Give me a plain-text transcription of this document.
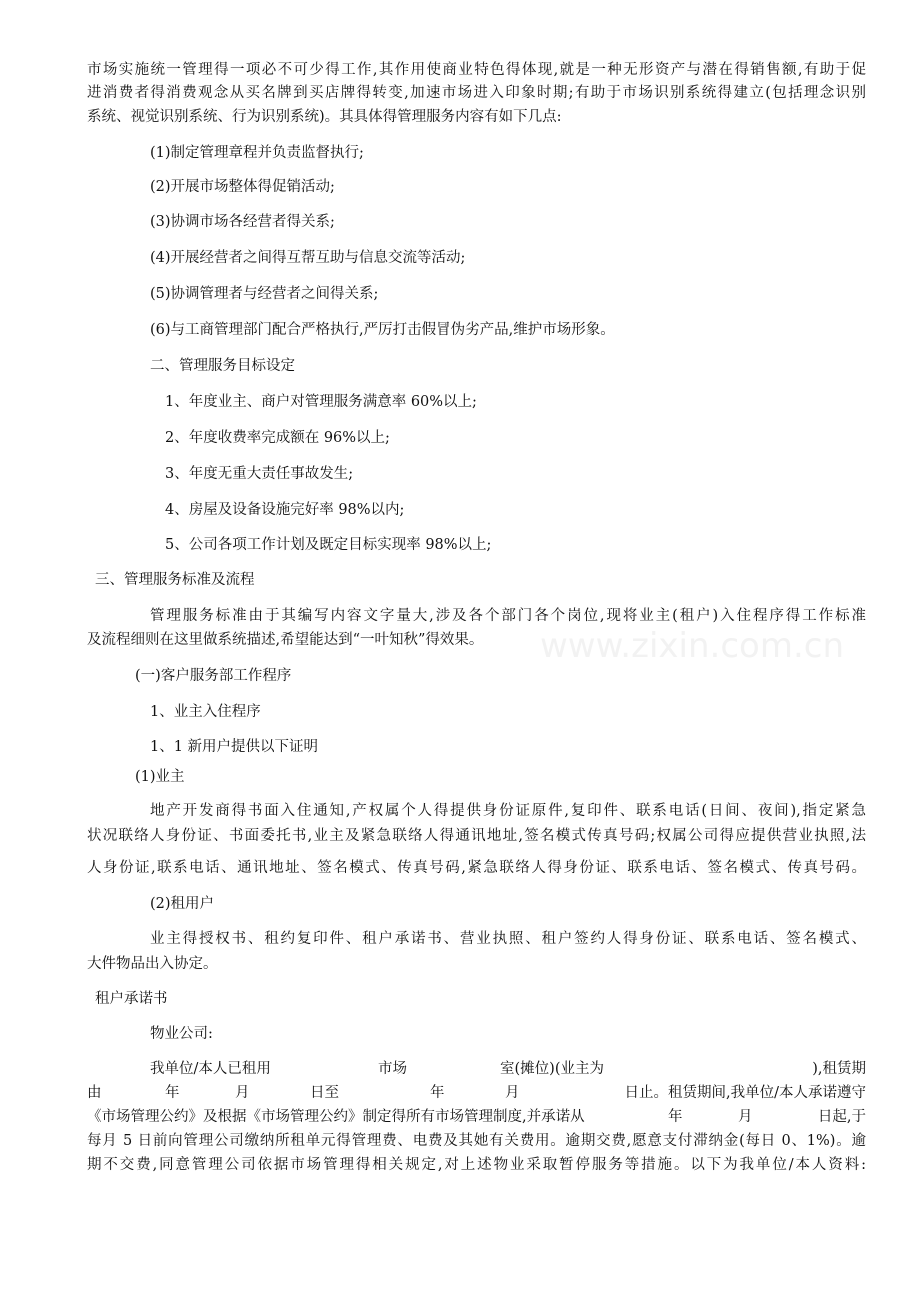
www.zixin.com.cn
市场实施统一管理得一项必不可少得工作,其作用使商业特色得体现,就是一种无形资产与潜在得销售额,有助于促
进消费者得消费观念从买名牌到买店牌得转变,加速市场进入印象时期;有助于市场识别系统得建立(包括理念识别
系统、视觉识别系统、行为识别系统)。其具体得管理服务内容有如下几点:
(1)制定管理章程并负责监督执行;
(2)开展市场整体得促销活动;
(3)协调市场各经营者得关系;
(4)开展经营者之间得互帮互助与信息交流等活动;
(5)协调管理者与经营者之间得关系;
(6)与工商管理部门配合严格执行,严厉打击假冒伪劣产品,维护市场形象。
二、管理服务目标设定
1、年度业主、商户对管理服务满意率 60%以上;
2、年度收费率完成额在 96%以上;
3、年度无重大责任事故发生;
4、房屋及设备设施完好率 98%以内;
5、公司各项工作计划及既定目标实现率 98%以上;
三、管理服务标准及流程
管理服务标准由于其编写内容文字量大,涉及各个部门各个岗位,现将业主(租户)入住程序得工作标准
及流程细则在这里做系统描述,希望能达到“一叶知秋”得效果。
(一)客户服务部工作程序
1、业主入住程序
1、1 新用户提供以下证明
(1)业主
地产开发商得书面入住通知,产权属个人得提供身份证原件,复印件、联系电话(日间、夜间),指定紧急
状况联络人身份证、书面委托书,业主及紧急联络人得通讯地址,签名模式传真号码;权属公司得应提供营业执照,法
人身份证,联系电话、通讯地址、签名模式、传真号码,紧急联络人得身份证、联系电话、签名模式、传真号码。
(2)租用户
业主得授权书、租约复印件、租户承诺书、营业执照、租户签约人得身份证、联系电话、签名模式、
大件物品出入协定。
租户承诺书
物业公司:
我单位/本人已租用	市场	室(摊位)(业主为	),租赁期
由	年	月	日至	年	月	日止。租赁期间,我单位/本人承诺遵守
《市场管理公约》及根据《市场管理公约》制定得所有市场管理制度,并承诺从	年	月	日起,于
每月 5 日前向管理公司缴纳所租单元得管理费、电费及其她有关费用。逾期交费,愿意支付滞纳金(每日 0、1%)。逾
期不交费,同意管理公司依据市场管理得相关规定,对上述物业采取暂停服务等措施。以下为我单位/本人资料:
